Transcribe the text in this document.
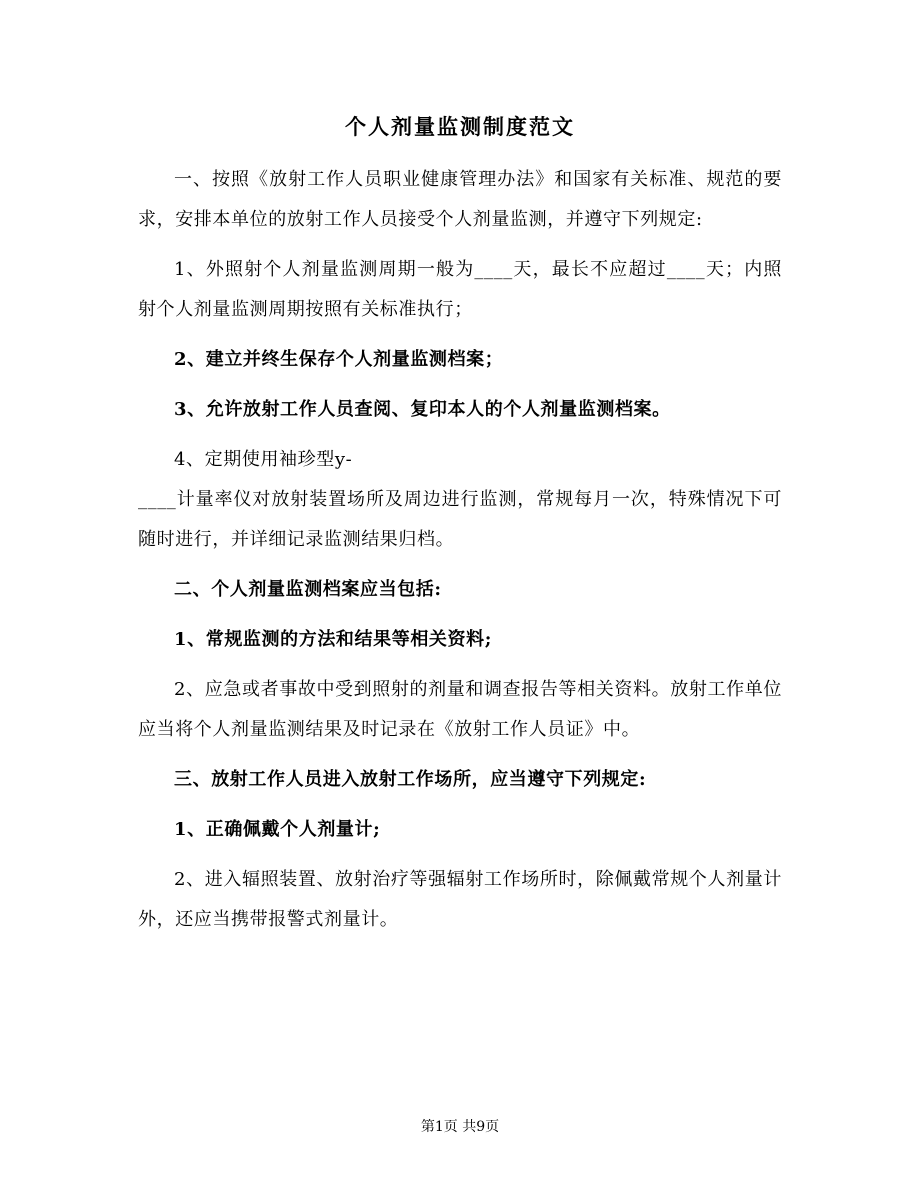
个人剂量监测制度范文

一、按照《放射工作人员职业健康管理办法》和国家有关标准、规范的要求，安排本单位的放射工作人员接受个人剂量监测，并遵守下列规定:

1、外照射个人剂量监测周期一般为____天，最长不应超过____天；内照射个人剂量监测周期按照有关标准执行；

2、建立并终生保存个人剂量监测档案；

3、允许放射工作人员查阅、复印本人的个人剂量监测档案。

4、定期使用袖珍型y-

____计量率仪对放射装置场所及周边进行监测，常规每月一次，特殊情况下可随时进行，并详细记录监测结果归档。

二、个人剂量监测档案应当包括:

1、常规监测的方法和结果等相关资料;

2、应急或者事故中受到照射的剂量和调查报告等相关资料。放射工作单位应当将个人剂量监测结果及时记录在《放射工作人员证》中。

三、放射工作人员进入放射工作场所，应当遵守下列规定:

1、正确佩戴个人剂量计;

2、进入辐照装置、放射治疗等强辐射工作场所时，除佩戴常规个人剂量计外，还应当携带报警式剂量计。

第1页 共9页
